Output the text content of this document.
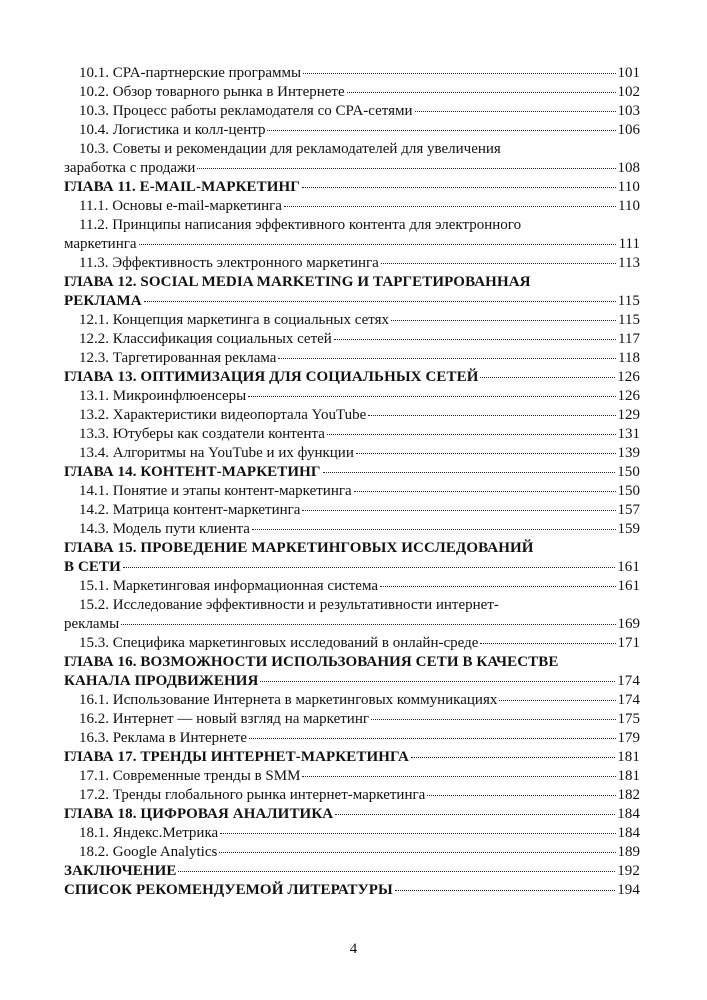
10.1. CPA-партнерские программы	101
10.2. Обзор товарного рынка в Интернете	102
10.3. Процесс работы рекламодателя со CPA-сетями	103
10.4. Логистика и колл-центр	106
10.3. Советы и рекомендации для рекламодателей для увеличения
заработка с продажи	108
ГЛАВА 11. E-MAIL-МАРКЕТИНГ	110
11.1. Основы e-mail-маркетинга	110
11.2. Принципы написания эффективного контента для электронного
маркетинга	111
11.3. Эффективность электронного маркетинга	113
ГЛАВА 12. SOCIAL MEDIA MARKETING И ТАРГЕТИРОВАННАЯ
РЕКЛАМА	115
12.1. Концепция маркетинга в социальных сетях	115
12.2. Классификация социальных сетей	117
12.3. Таргетированная реклама	118
ГЛАВА 13. ОПТИМИЗАЦИЯ ДЛЯ СОЦИАЛЬНЫХ СЕТЕЙ	126
13.1. Микроинфлюенсеры	126
13.2. Характеристики видеопортала YouTube	129
13.3. Ютуберы как создатели контента	131
13.4. Алгоритмы на YouTube и их функции	139
ГЛАВА 14. КОНТЕНТ-МАРКЕТИНГ	150
14.1. Понятие и этапы контент-маркетинга	150
14.2. Матрица контент-маркетинга	157
14.3. Модель пути клиента	159
ГЛАВА 15. ПРОВЕДЕНИЕ МАРКЕТИНГОВЫХ ИССЛЕДОВАНИЙ
В СЕТИ	161
15.1. Маркетинговая информационная система	161
15.2. Исследование эффективности и результативности интернет-
рекламы	169
15.3. Специфика маркетинговых исследований в онлайн-среде	171
ГЛАВА 16. ВОЗМОЖНОСТИ ИСПОЛЬЗОВАНИЯ СЕТИ В КАЧЕСТВЕ
КАНАЛА ПРОДВИЖЕНИЯ	174
16.1. Использование Интернета в маркетинговых коммуникациях	174
16.2. Интернет — новый взгляд на маркетинг	175
16.3. Реклама в Интернете	179
ГЛАВА 17. ТРЕНДЫ ИНТЕРНЕТ-МАРКЕТИНГА	181
17.1. Современные тренды в SMM	181
17.2. Тренды глобального рынка интернет-маркетинга	182
ГЛАВА 18. ЦИФРОВАЯ АНАЛИТИКА	184
18.1. Яндекс.Метрика	184
18.2. Google Analytics	189
ЗАКЛЮЧЕНИЕ	192
СПИСОК РЕКОМЕНДУЕМОЙ ЛИТЕРАТУРЫ	194
4
